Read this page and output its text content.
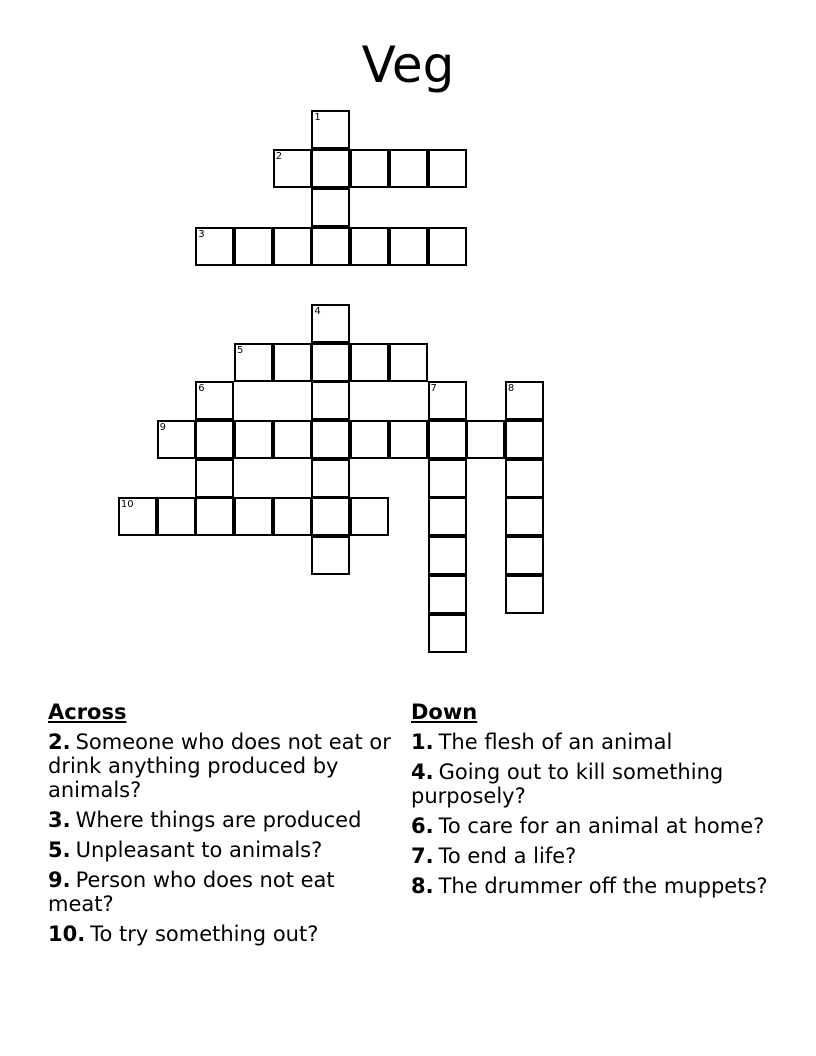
Veg
1
2
3
4
5
6	7	8
9
10
Across
2. Someone who does not eat or drink anything produced by animals?
3. Where things are produced
5. Unpleasant to animals?
9. Person who does not eat meat?
10. To try something out?
Down
1. The flesh of an animal
4. Going out to kill something purposely?
6. To care for an animal at home?
7. To end a life?
8. The drummer off the muppets?
